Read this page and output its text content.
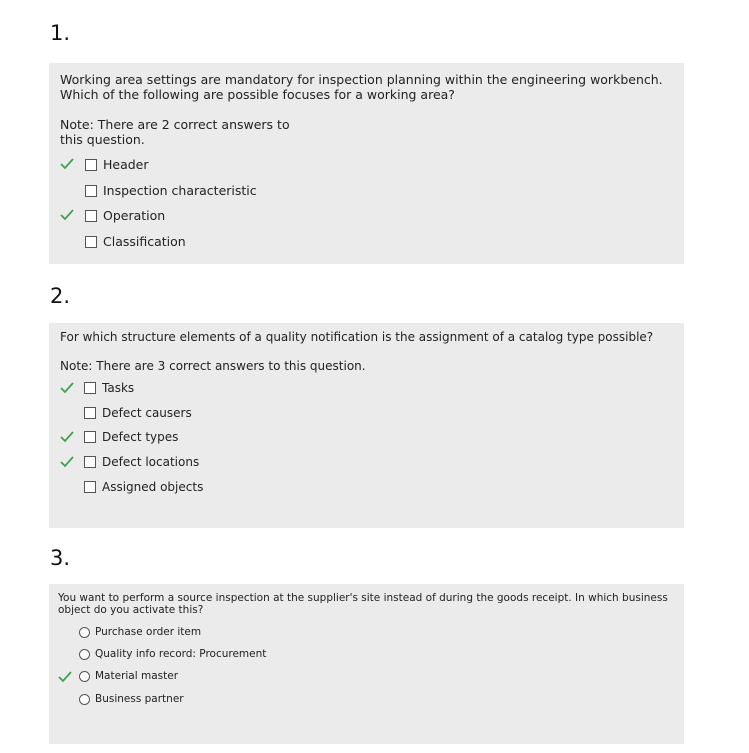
1.
Working area settings are mandatory for inspection planning within the engineering workbench.
Which of the following are possible focuses for a working area?
Note: There are 2 correct answers to
this question.
Header
Inspection characteristic
Operation
Classification
2.
For which structure elements of a quality notification is the assignment of a catalog type possible?
Note: There are 3 correct answers to this question.
Tasks
Defect causers
Defect types
Defect locations
Assigned objects
3.
You want to perform a source inspection at the supplier's site instead of during the goods receipt. In which business
object do you activate this?
Purchase order item
Quality info record: Procurement
Material master
Business partner
